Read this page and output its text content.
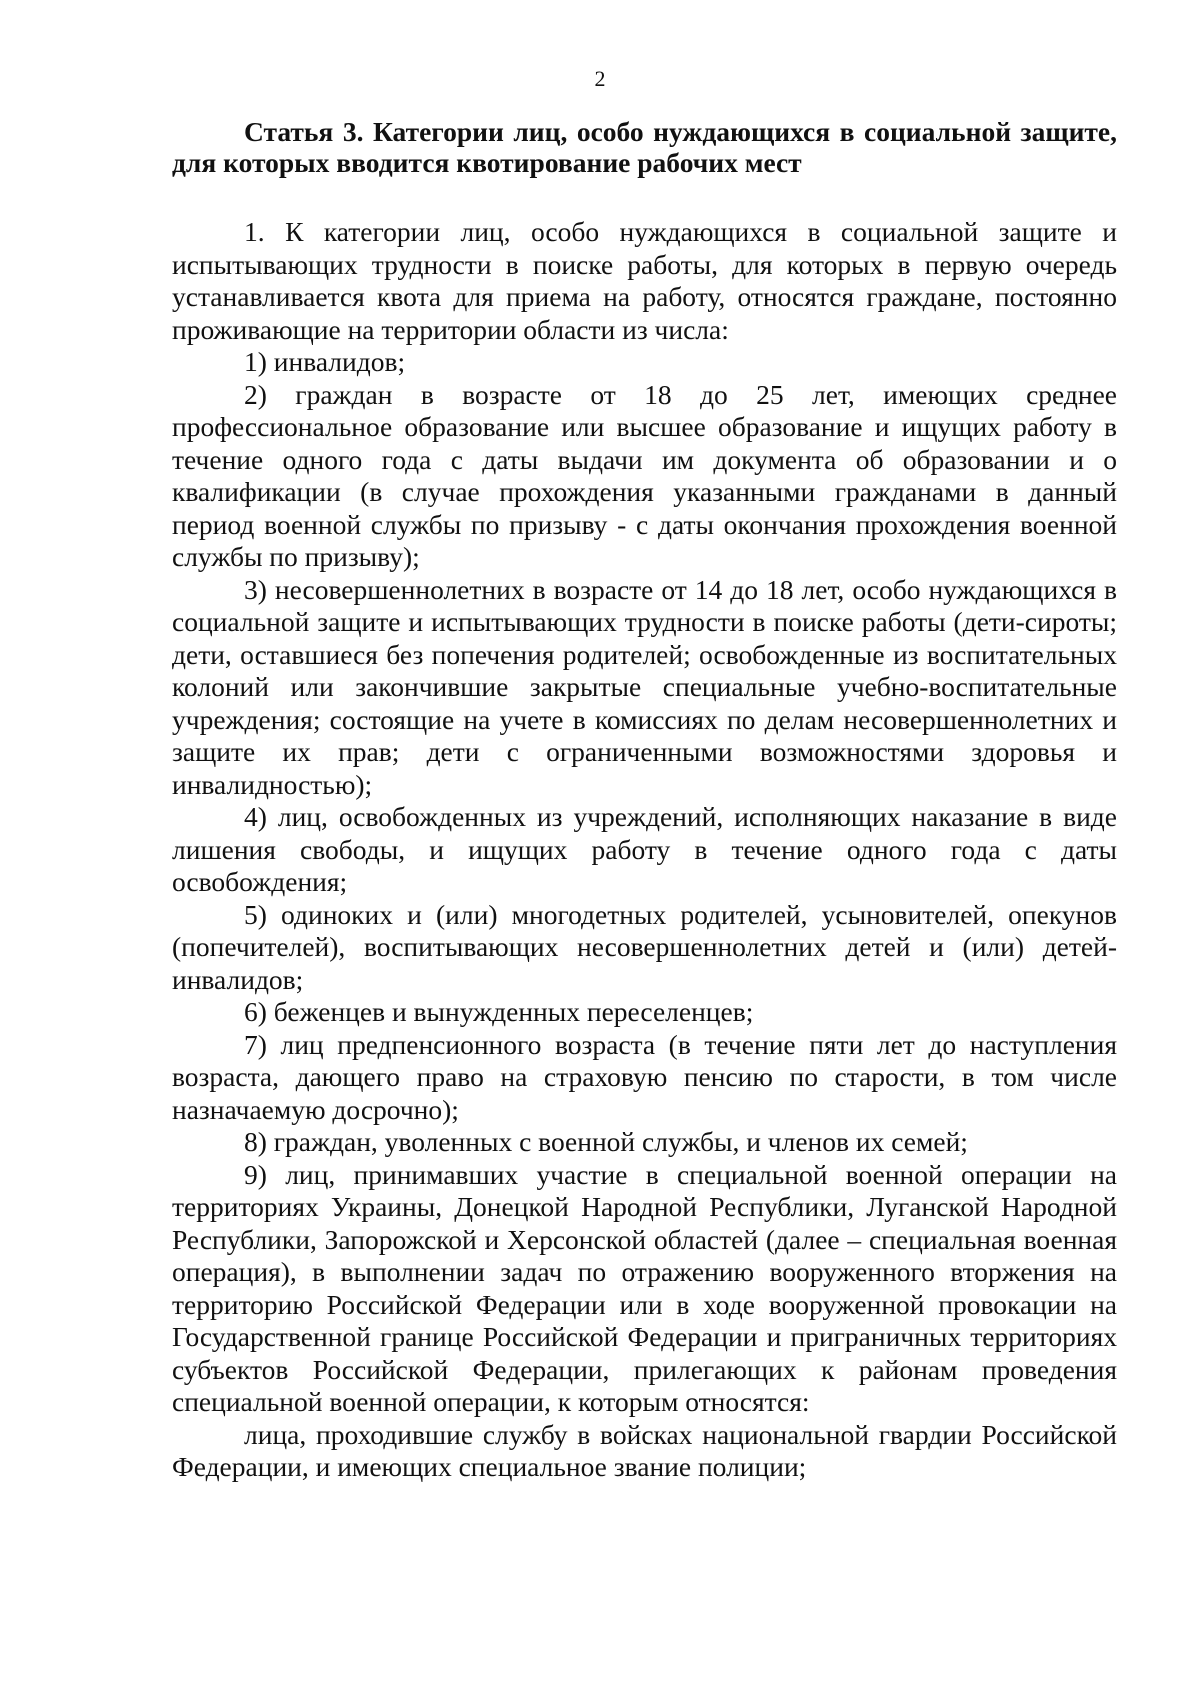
2
Статья 3. Категории лиц, особо нуждающихся в социальной защите, для которых вводится квотирование рабочих мест

1. К категории лиц, особо нуждающихся в социальной защите и испытывающих трудности в поиске работы, для которых в первую очередь устанавливается квота для приема на работу, относятся граждане, постоянно проживающие на территории области из числа:

1) инвалидов;

2) граждан в возрасте от 18 до 25 лет, имеющих среднее профессиональное образование или высшее образование и ищущих работу в течение одного года с даты выдачи им документа об образовании и о квалификации (в случае прохождения указанными гражданами в данный период военной службы по призыву - с даты окончания прохождения военной службы по призыву);

3) несовершеннолетних в возрасте от 14 до 18 лет, особо нуждающихся в социальной защите и испытывающих трудности в поиске работы (дети-сироты; дети, оставшиеся без попечения родителей; освобожденные из воспитательных колоний или закончившие закрытые специальные учебно-воспитательные учреждения; состоящие на учете в комиссиях по делам несовершеннолетних и защите их прав; дети с ограниченными возможностями здоровья и инвалидностью);

4) лиц, освобожденных из учреждений, исполняющих наказание в виде лишения свободы, и ищущих работу в течение одного года с даты освобождения;

5) одиноких и (или) многодетных родителей, усыновителей, опекунов (попечителей), воспитывающих несовершеннолетних детей и (или) детей-инвалидов;

6) беженцев и вынужденных переселенцев;

7) лиц предпенсионного возраста (в течение пяти лет до наступления возраста, дающего право на страховую пенсию по старости, в том числе назначаемую досрочно);

8) граждан, уволенных с военной службы, и членов их семей;

9) лиц, принимавших участие в специальной военной операции на территориях Украины, Донецкой Народной Республики, Луганской Народной Республики, Запорожской и Херсонской областей (далее – специальная военная операция), в выполнении задач по отражению вооруженного вторжения на территорию Российской Федерации или в ходе вооруженной провокации на Государственной границе Российской Федерации и приграничных территориях субъектов Российской Федерации, прилегающих к районам проведения специальной военной операции, к которым относятся:

лица, проходившие службу в войсках национальной гвардии Российской Федерации, и имеющих специальное звание полиции;
